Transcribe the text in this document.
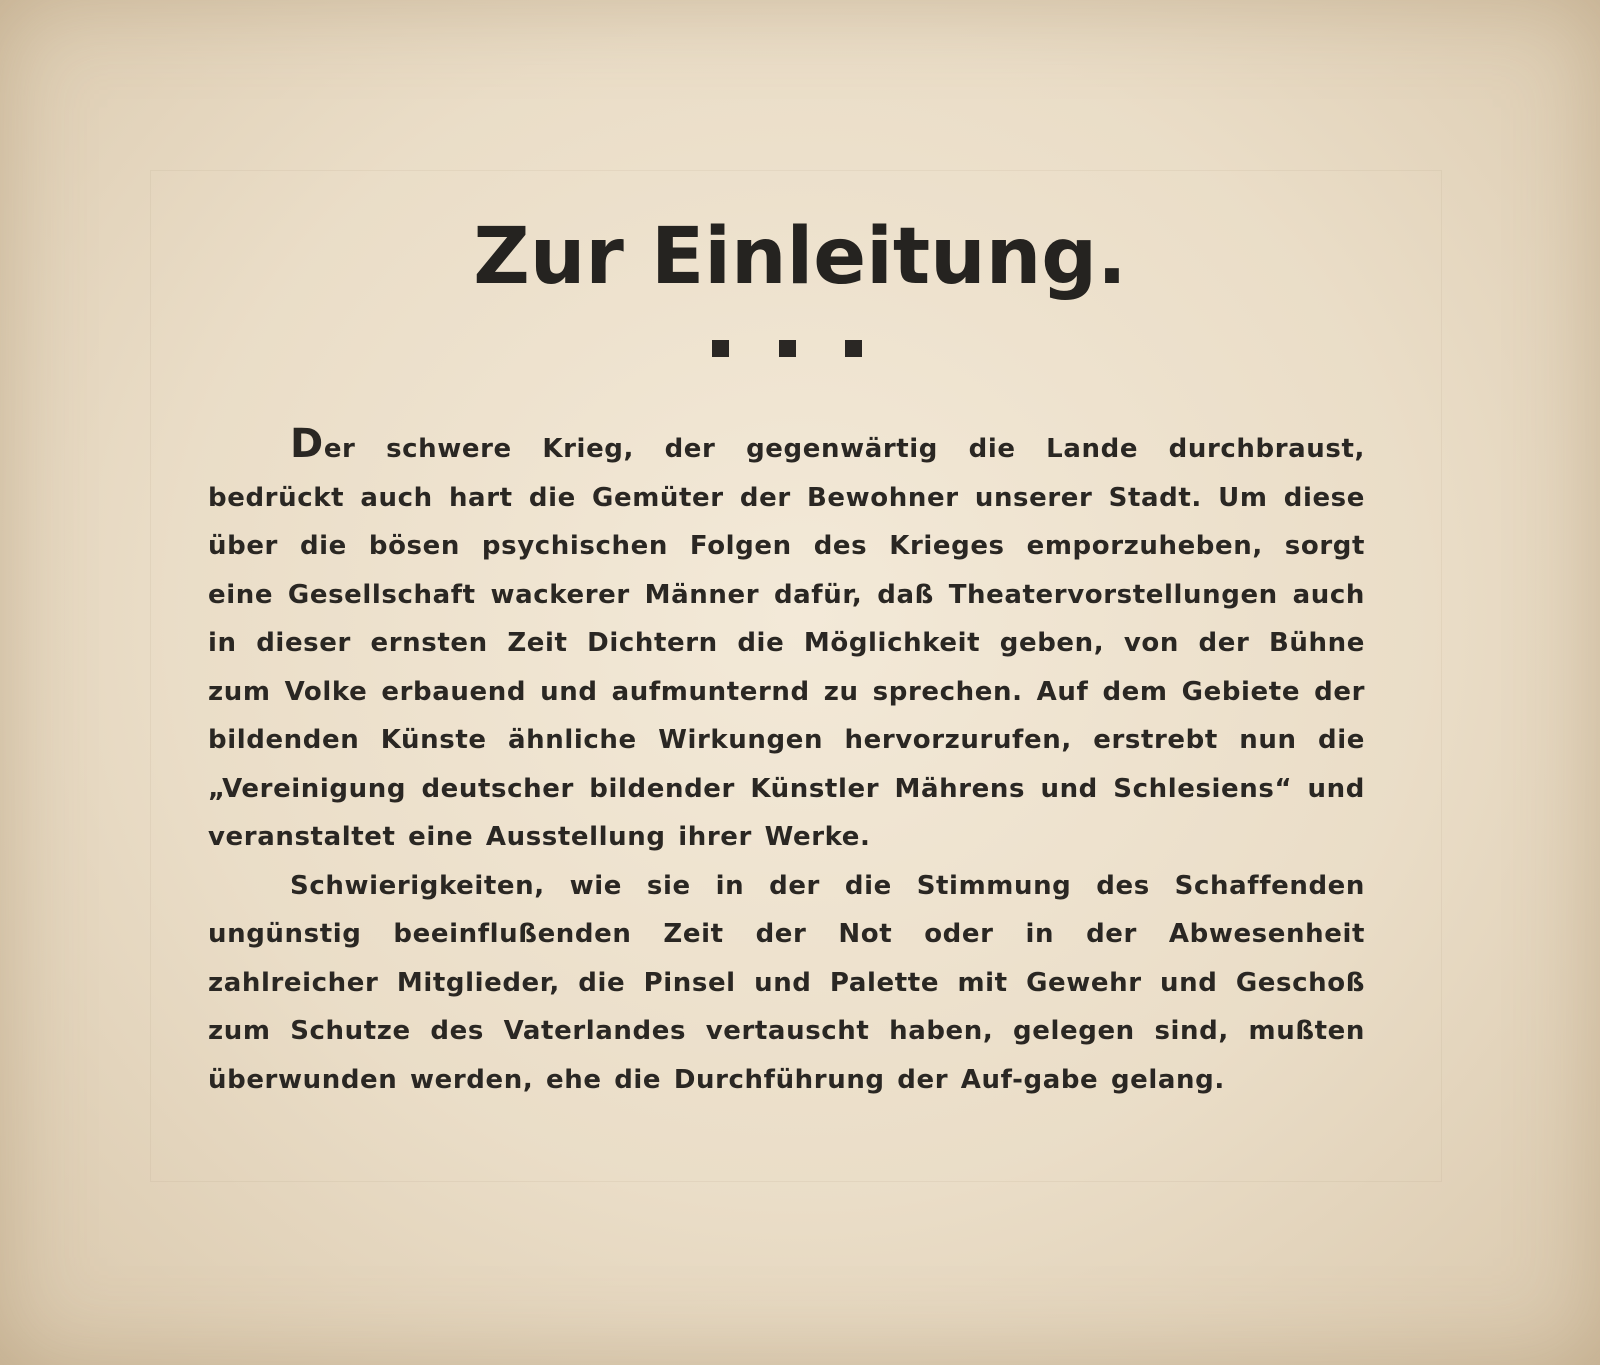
Zur Einleitung.

Der schwere Krieg, der gegenwärtig die Lande durchbraust, bedrückt auch hart die Gemüter der Bewohner unserer Stadt. Um diese über die bösen psychischen Folgen des Krieges emporzuheben, sorgt eine Gesellschaft wackerer Männer dafür, daß Theatervorstellungen auch in dieser ernsten Zeit Dichtern die Möglichkeit geben, von der Bühne zum Volke erbauend und aufmunternd zu sprechen. Auf dem Gebiete der bildenden Künste ähnliche Wirkungen hervorzurufen, erstrebt nun die „Vereinigung deutscher bildender Künstler Mährens und Schlesiens“ und veranstaltet eine Ausstellung ihrer Werke.

Schwierigkeiten, wie sie in der die Stimmung des Schaffenden ungünstig beeinflußenden Zeit der Not oder in der Abwesenheit zahlreicher Mitglieder, die Pinsel und Palette mit Gewehr und Geschoß zum Schutze des Vaterlandes vertauscht haben, gelegen sind, mußten überwunden werden, ehe die Durchführung der Auf-gabe gelang.
